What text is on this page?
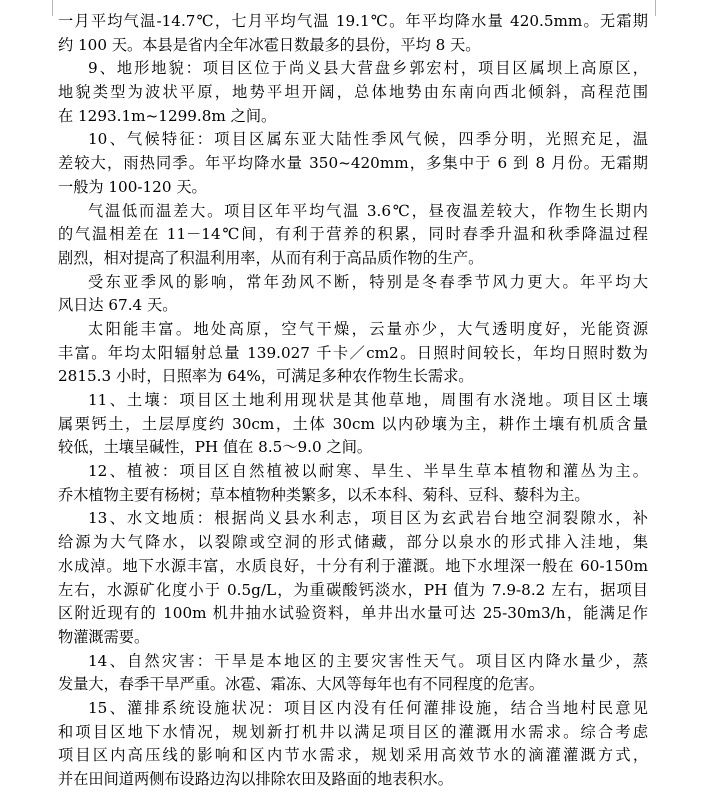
一月平均气温-14.7℃，七月平均气温 19.1℃。年平均降水量 420.5mm。无霜期
约 100 天。本县是省内全年冰雹日数最多的县份，平均 8 天。
9、地形地貌：项目区位于尚义县大营盘乡郭宏村，项目区属坝上高原区，
地貌类型为波状平原，地势平坦开阔，总体地势由东南向西北倾斜，高程范围
在 1293.1m~1299.8m 之间。
10、气候特征：项目区属东亚大陆性季风气候，四季分明，光照充足，温
差较大，雨热同季。年平均降水量 350~420mm，多集中于 6 到 8 月份。无霜期
一般为 100-120 天。
气温低而温差大。项目区年平均气温 3.6℃，昼夜温差较大，作物生长期内
的气温相差在 11－14℃间，有利于营养的积累，同时春季升温和秋季降温过程
剧烈，相对提高了积温利用率，从而有利于高品质作物的生产。
受东亚季风的影响，常年劲风不断，特别是冬春季节风力更大。年平均大
风日达 67.4 天。
太阳能丰富。地处高原，空气干燥，云量亦少，大气透明度好，光能资源
丰富。年均太阳辐射总量 139.027 千卡／cm2。日照时间较长，年均日照时数为
2815.3 小时，日照率为 64%，可满足多种农作物生长需求。
11、土壤：项目区土地利用现状是其他草地，周围有水浇地。项目区土壤
属栗钙土，土层厚度约 30cm，土体 30cm 以内砂壤为主，耕作土壤有机质含量
较低，土壤呈碱性，PH 值在 8.5～9.0 之间。
12、植被：项目区自然植被以耐寒、旱生、半旱生草本植物和灌丛为主。
乔木植物主要有杨树；草本植物种类繁多，以禾本科、菊科、豆科、藜科为主。
13、水文地质：根据尚义县水利志，项目区为玄武岩台地空洞裂隙水，补
给源为大气降水，以裂隙或空洞的形式储藏，部分以泉水的形式排入洼地，集
水成淖。地下水源丰富，水质良好，十分有利于灌溉。地下水埋深一般在 60-150m
左右，水源矿化度小于 0.5g/L，为重碳酸钙淡水，PH 值为 7.9-8.2 左右，据项目
区附近现有的 100m 机井抽水试验资料，单井出水量可达 25-30m3/h，能满足作
物灌溉需要。
14、自然灾害：干旱是本地区的主要灾害性天气。项目区内降水量少，蒸
发量大，春季干旱严重。冰雹、霜冻、大风等每年也有不同程度的危害。
15、灌排系统设施状况：项目区内没有任何灌排设施，结合当地村民意见
和项目区地下水情况，规划新打机井以满足项目区的灌溉用水需求。综合考虑
项目区内高压线的影响和区内节水需求，规划采用高效节水的滴灌灌溉方式，
并在田间道两侧布设路边沟以排除农田及路面的地表积水。
